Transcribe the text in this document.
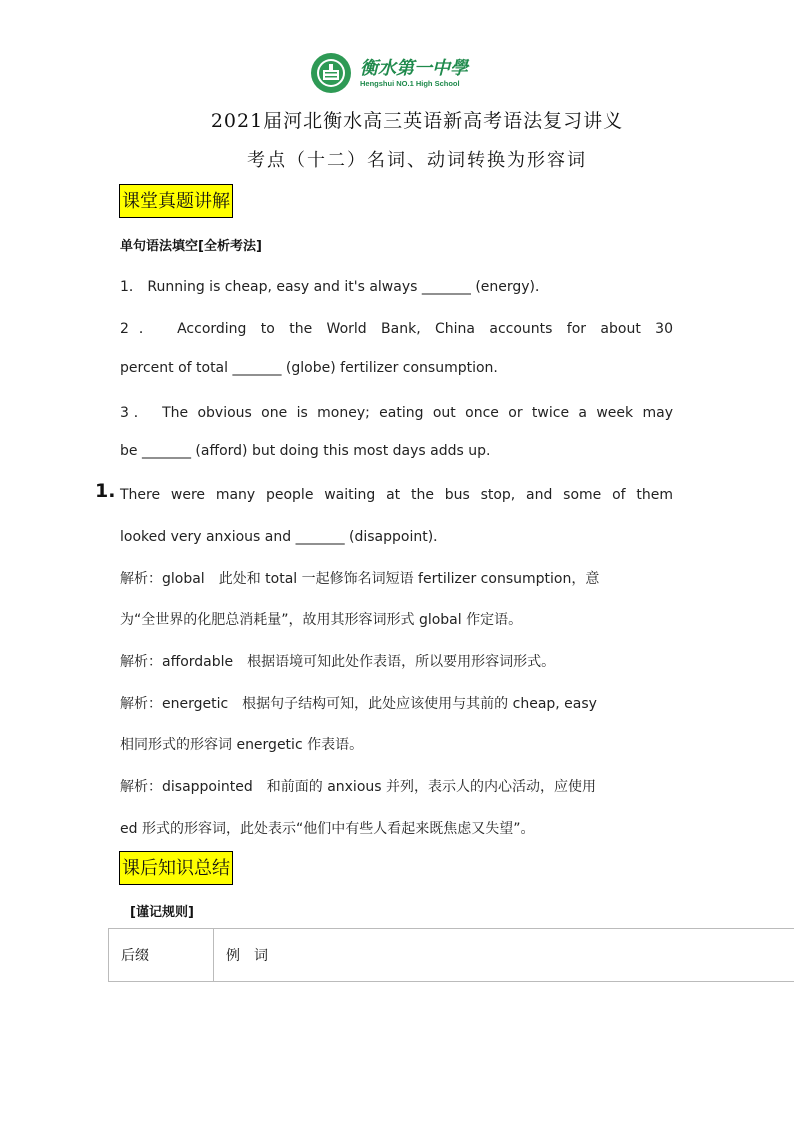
衡水第一中學
Hengshui NO.1 High School
2021届河北衡水高三英语新高考语法复习讲义
考点（十二）名词、动词转换为形容词
课堂真题讲解
单句语法填空[全析考法]
1． Running is cheap, easy and it's always _______ (energy)．
2． According to the World Bank, China accounts for about 30
percent of total _______ (globe) fertilizer consumption.
3． The obvious one is money; eating out once or twice a week may
be _______ (afford) but doing this most days adds up.
1. There were many people waiting at the bus stop, and some of them
looked very anxious and _______ (disappoint)．
解析：global　此处和 total 一起修饰名词短语 fertilizer consumption，意
为“全世界的化肥总消耗量”，故用其形容词形式 global 作定语。
解析：affordable　根据语境可知此处作表语，所以要用形容词形式。
解析：energetic　根据句子结构可知，此处应该使用与其前的 cheap, easy
相同形式的形容词 energetic 作表语。
解析：disappointed　和前面的 anxious 并列，表示人的内心活动，应使用
ed 形式的形容词，此处表示“他们中有些人看起来既焦虑又失望”。
课后知识总结
[谨记规则]
后缀	例　词
